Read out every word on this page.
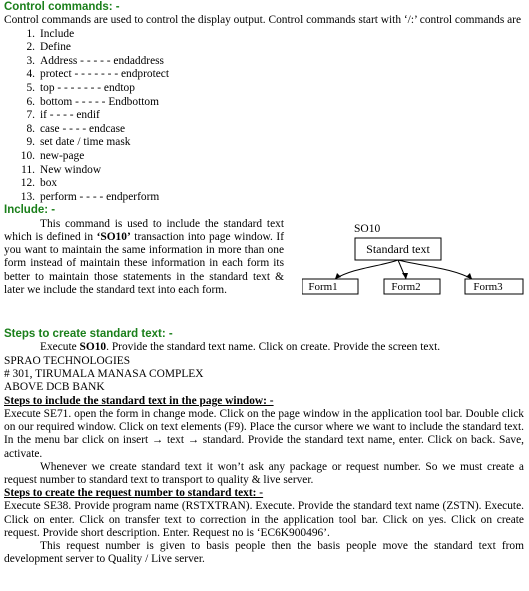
Control commands: -

Control commands are used to control the display output. Control commands start with ‘/:’ control commands are

1. Include
2. Define
3. Address - - - - - endaddress
4. protect - - - - - - - endprotect
5. top - - - - - - - endtop
6. bottom - - - - - Endbottom
7. if - - - - endif
8. case - - - - endcase
9. set date / time mask
10. new-page
11. New window
12. box
13. perform - - - - endperform
Include: -

This command is used to include the standard text which is defined in ‘SO10’ transaction into page window. If you want to maintain the same information in more than one form instead of maintain these information in each form its better to maintain those statements in the standard text & later we include the standard text into each form.

SO10
Standard text
Form1	Form2	Form3
Steps to create standard text: -

Execute SO10. Provide the standard text name. Click on create. Provide the screen text.

SPRAO TECHNOLOGIES

# 301, TIRUMALA MANASA COMPLEX

ABOVE DCB BANK

Steps to include the standard text in the page window: -

Execute SE71. open the form in change mode. Click on the page window in the application tool bar. Double click on our required window. Click on text elements (F9). Place the cursor where we want to include the standard text. In the menu bar click on insert → text → standard. Provide the standard text name, enter. Click on back. Save, activate.

Whenever we create standard text it won’t ask any package or request number. So we must create a request number to standard text to transport to quality & live server.

Steps to create the request number to standard text: -

Execute SE38. Provide program name (RSTXTRAN). Execute. Provide the standard text name (ZSTN). Execute. Click on enter. Click on transfer text to correction in the application tool bar. Click on yes. Click on create request. Provide short description. Enter. Request no is ‘EC6K900496’.

This request number is given to basis people then the basis people move the standard text from development server to Quality / Live server.
